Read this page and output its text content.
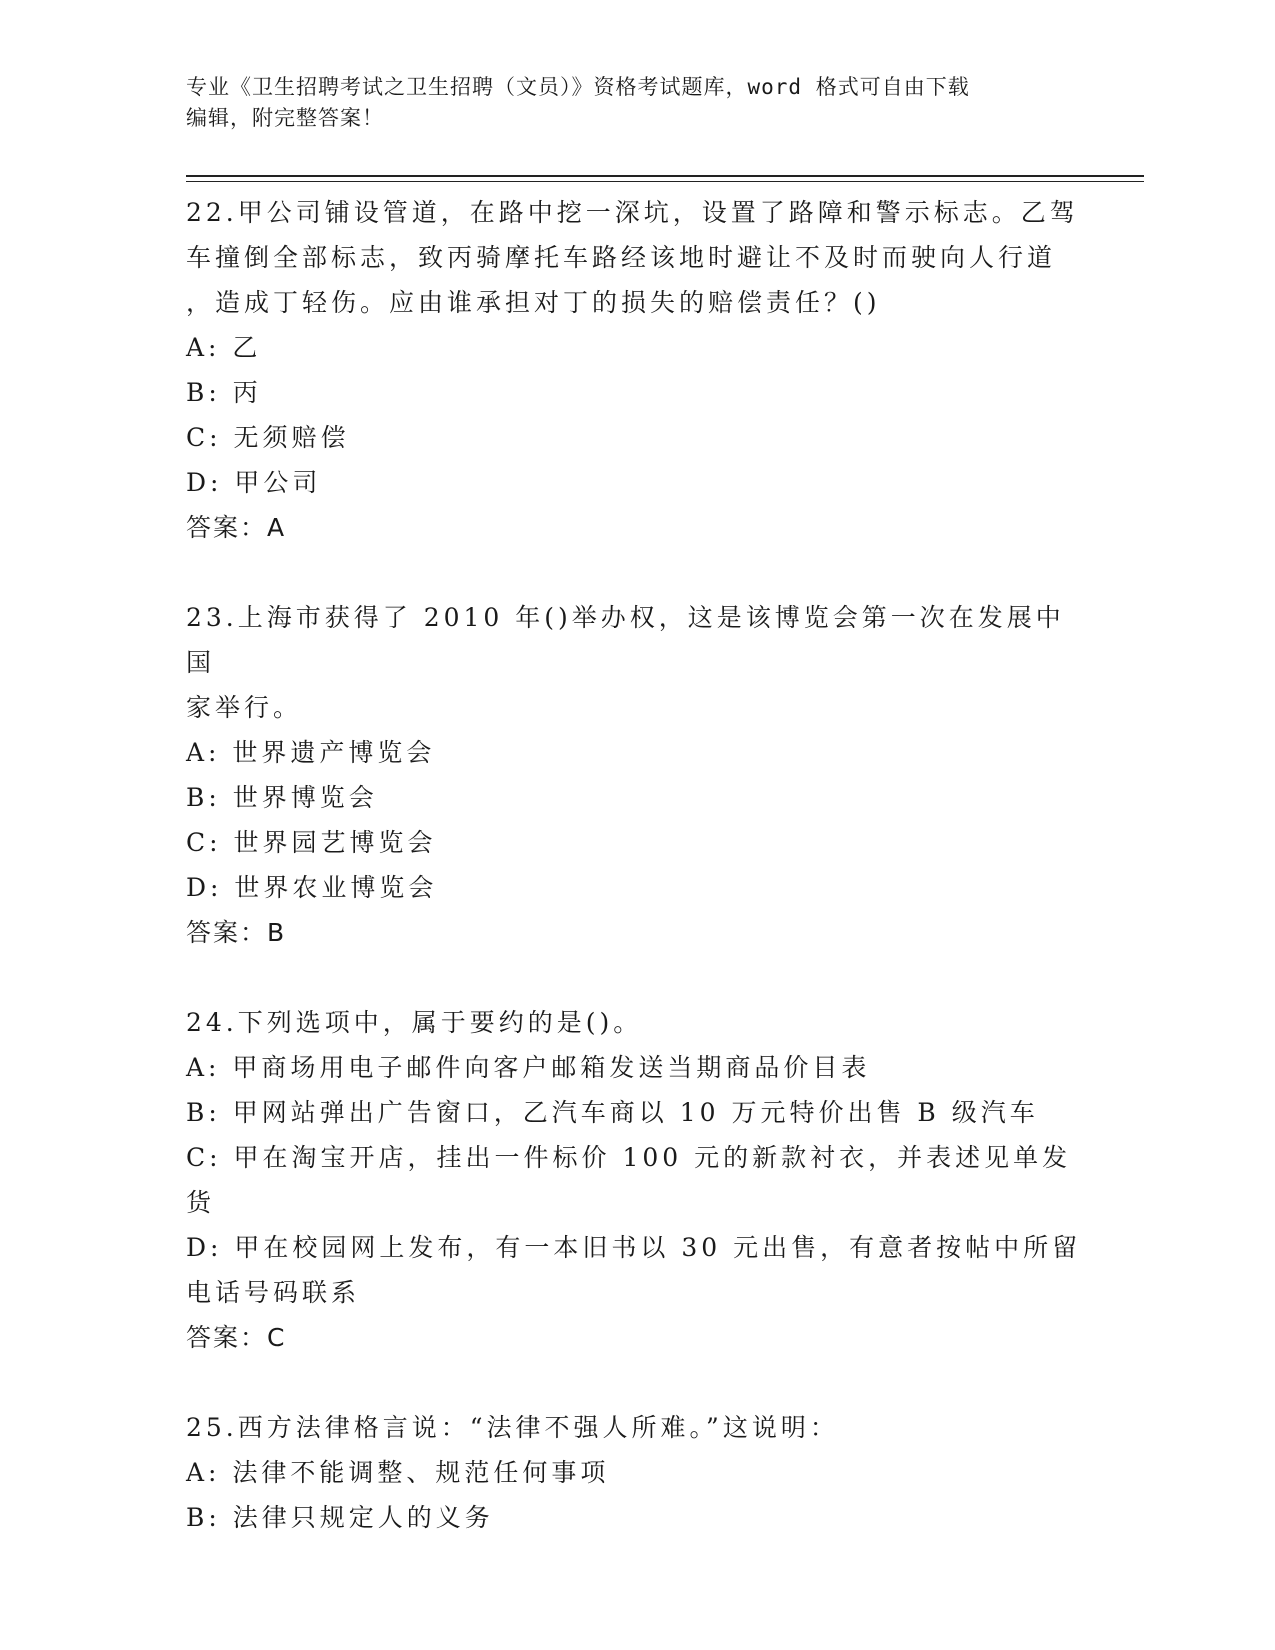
专业《卫生招聘考试之卫生招聘（文员）》资格考试题库，word 格式可自由下载
编辑，附完整答案！

22.甲公司铺设管道，在路中挖一深坑，设置了路障和警示标志。乙驾

车撞倒全部标志，致丙骑摩托车路经该地时避让不及时而驶向人行道

，造成丁轻伤。应由谁承担对丁的损失的赔偿责任？()

A: 乙

B: 丙

C: 无须赔偿

D: 甲公司

答案：A

23.上海市获得了 2010 年()举办权，这是该博览会第一次在发展中国

家举行。

A: 世界遗产博览会

B: 世界博览会

C: 世界园艺博览会

D: 世界农业博览会

答案：B

24.下列选项中，属于要约的是()。

A: 甲商场用电子邮件向客户邮箱发送当期商品价目表

B: 甲网站弹出广告窗口，乙汽车商以 10 万元特价出售 B 级汽车

C: 甲在淘宝开店，挂出一件标价 100 元的新款衬衣，并表述见单发货

D: 甲在校园网上发布，有一本旧书以 30 元出售，有意者按帖中所留

电话号码联系

答案：C

25.西方法律格言说：“法律不强人所难。”这说明：

A: 法律不能调整、规范任何事项

B: 法律只规定人的义务
